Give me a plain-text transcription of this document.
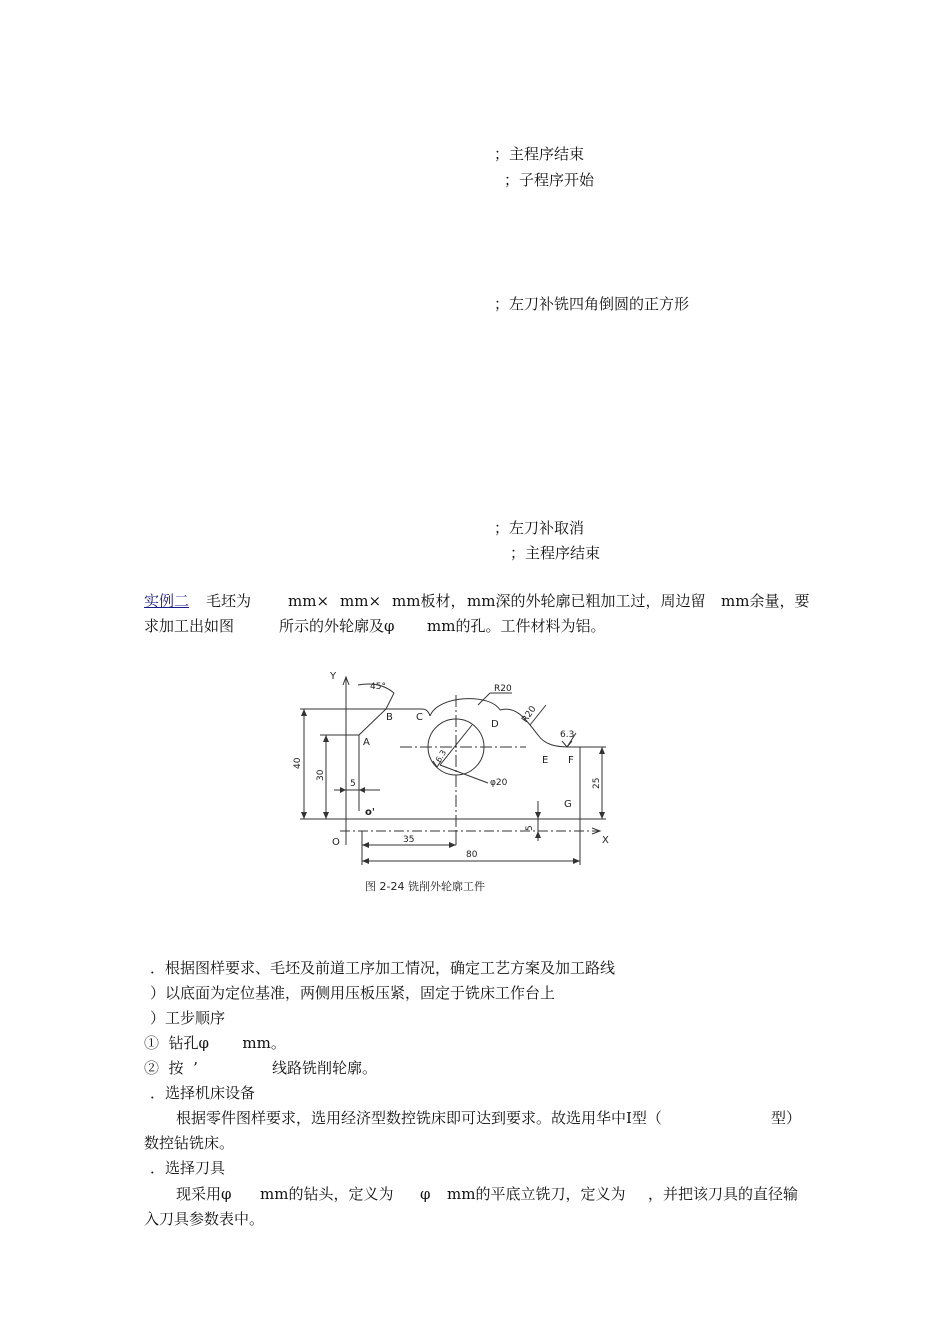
；主程序结束
；子程序开始
；左刀补铣四角倒圆的正方形
；左刀补取消
；主程序结束
实例二 毛坯为 mm× mm× mm板材， mm深的外轮廓已粗加工过，周边留 mm余量，要
求加工出如图	所示的外轮廓及φ mm的孔。工件材料为铝。
Y
X
O
o'
A
B C
D
E F
G
45°	R20
R20
φ20
6.3
6.3
40
30
5
35
80
25
5
图 2-24 铣削外轮廓工件
．根据图样要求、毛坯及前道工序加工情况，确定工艺方案及加工路线
）以底面为定位基准，两侧用压板压紧，固定于铣床工作台上
）工步顺序
①  钻孔φ       mm。
②  按  ’	线路铣削轮廓。
．选择机床设备
根据零件图样要求，选用经济型数控铣床即可达到要求。故选用华中Ⅰ型（	型）
数控钻铣床。
．选择刀具
现采用φ mm的钻头，定义为 φ mm的平底立铣刀，定义为 ，并把该刀具的直径输
入刀具参数表中。
